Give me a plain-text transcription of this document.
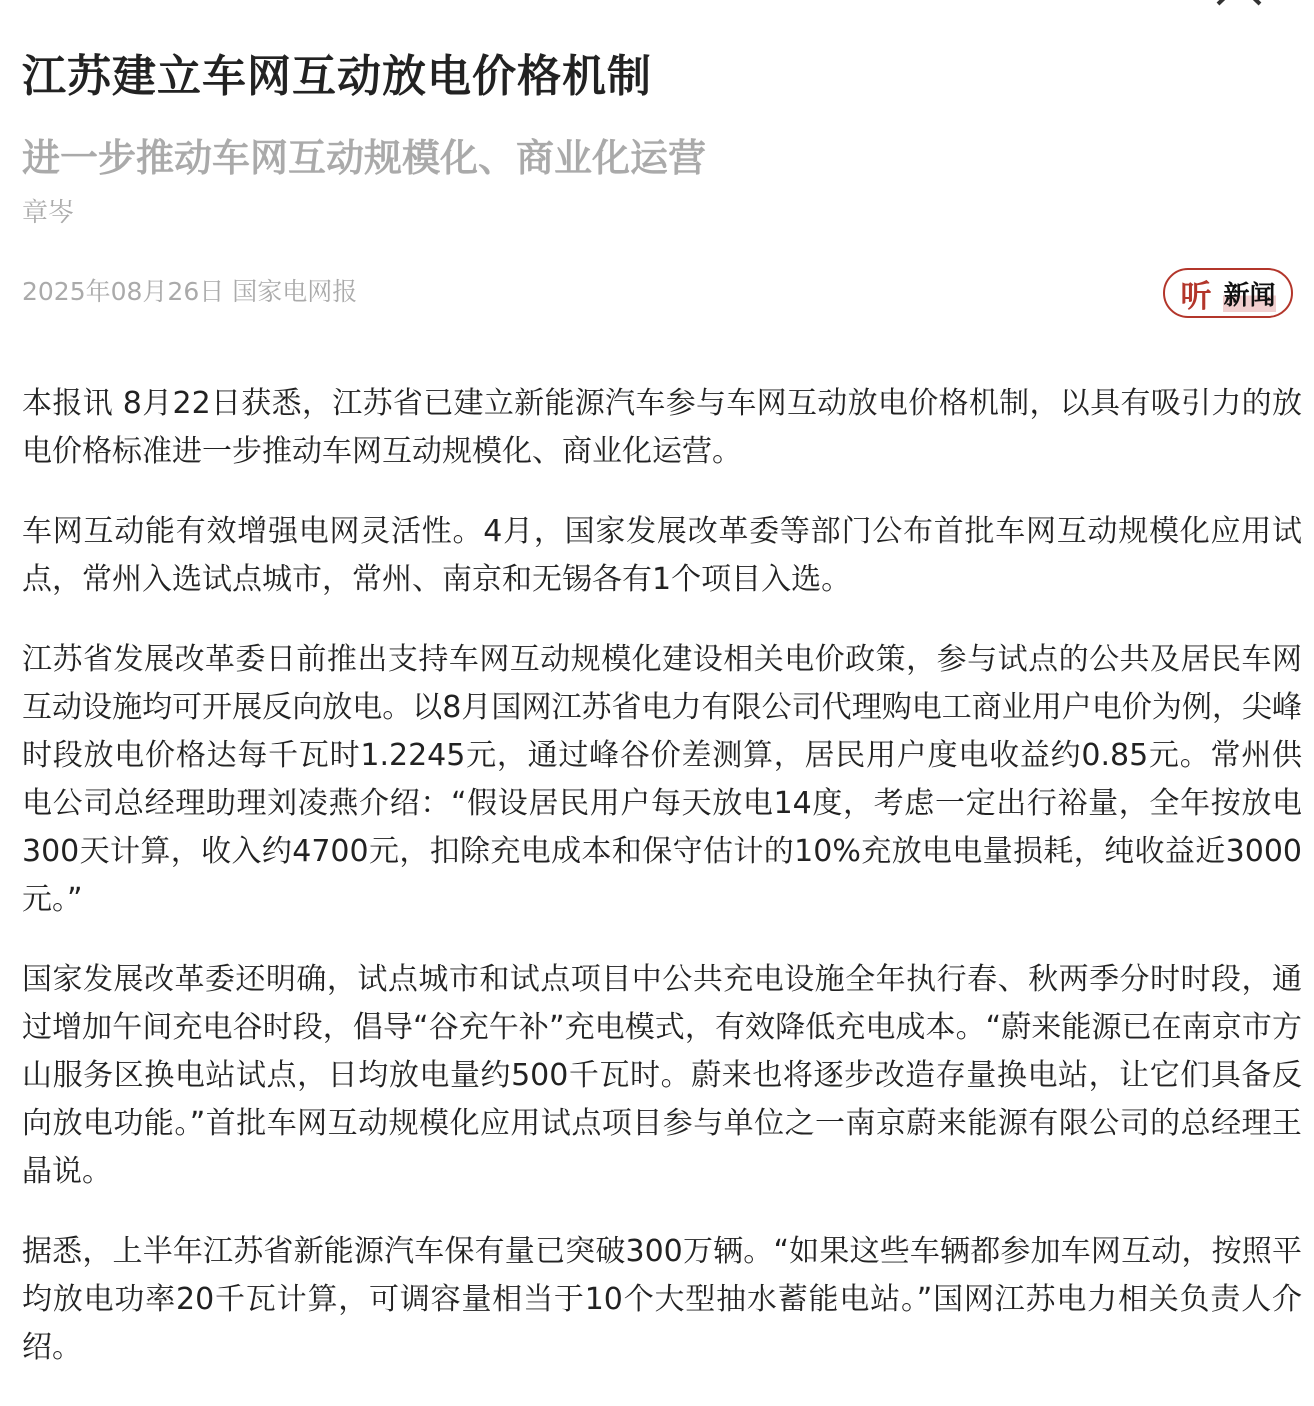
江苏建立车网互动放电价格机制
进一步推动车网互动规模化、商业化运营
章岑
2025年08月26日 国家电网报	听 新闻

本报讯 8月22日获悉，江苏省已建立新能源汽车参与车网互动放电价格机制，以具有吸引力的放电价格标准进一步推动车网互动规模化、商业化运营。

车网互动能有效增强电网灵活性。4月，国家发展改革委等部门公布首批车网互动规模化应用试点，常州入选试点城市，常州、南京和无锡各有1个项目入选。

江苏省发展改革委日前推出支持车网互动规模化建设相关电价政策，参与试点的公共及居民车网互动设施均可开展反向放电。以8月国网江苏省电力有限公司代理购电工商业用户电价为例，尖峰时段放电价格达每千瓦时1.2245元，通过峰谷价差测算，居民用户度电收益约0.85元。常州供电公司总经理助理刘凌燕介绍：“假设居民用户每天放电14度，考虑一定出行裕量，全年按放电300天计算，收入约4700元，扣除充电成本和保守估计的10%充放电电量损耗，纯收益近3000元。”

国家发展改革委还明确，试点城市和试点项目中公共充电设施全年执行春、秋两季分时时段，通过增加午间充电谷时段，倡导“谷充午补”充电模式，有效降低充电成本。“蔚来能源已在南京市方山服务区换电站试点，日均放电量约500千瓦时。蔚来也将逐步改造存量换电站，让它们具备反向放电功能。”首批车网互动规模化应用试点项目参与单位之一南京蔚来能源有限公司的总经理王晶说。

据悉，上半年江苏省新能源汽车保有量已突破300万辆。“如果这些车辆都参加车网互动，按照平均放电功率20千瓦计算，可调容量相当于10个大型抽水蓄能电站。”国网江苏电力相关负责人介绍。
